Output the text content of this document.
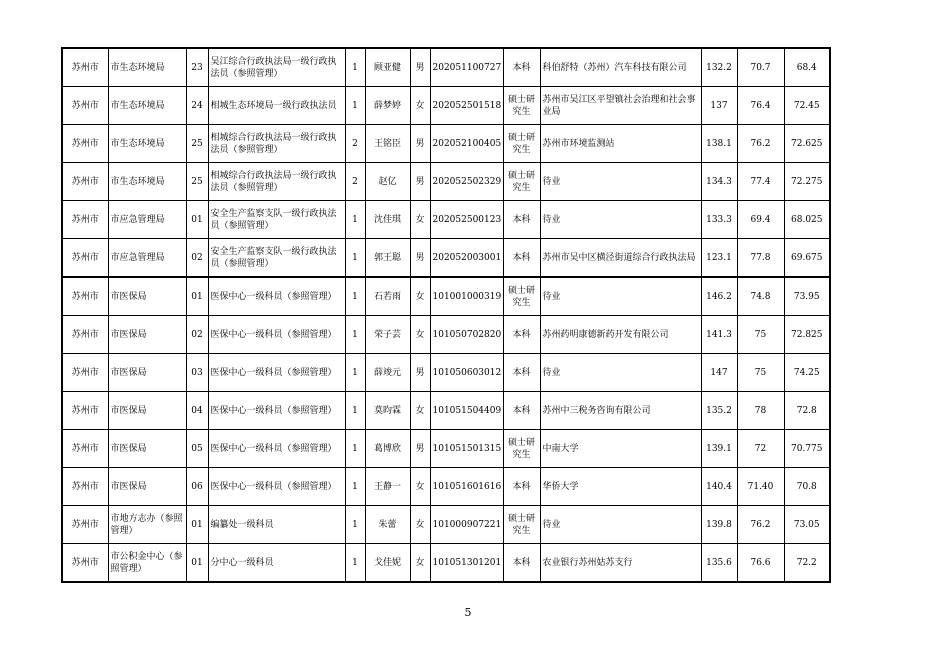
苏州市	市生态环境局	23	吴江综合行政执法局一级行政执法员（参照管理）	1	顾亚健	男	202051100727	本科	科伯舒特（苏州）汽车科技有限公司	132.2	70.7	68.4
苏州市	市生态环境局	24	相城生态环境局一级行政执法员	1	薛梦婷	女	202052501518	硕士研究生	苏州市吴江区平望镇社会治理和社会事业局	137	76.4	72.45
苏州市	市生态环境局	25	相城综合行政执法局一级行政执法员（参照管理）	2	王铭臣	男	202052100405	硕士研究生	苏州市环境监测站	138.1	76.2	72.625
苏州市	市生态环境局	25	相城综合行政执法局一级行政执法员（参照管理）	2	赵亿	男	202052502329	硕士研究生	待业	134.3	77.4	72.275
苏州市	市应急管理局	01	安全生产监察支队一级行政执法员（参照管理）	1	沈佳琪	女	202052500123	本科	待业	133.3	69.4	68.025
苏州市	市应急管理局	02	安全生产监察支队一级行政执法员（参照管理）	1	郭王聪	男	202052003001	本科	苏州市吴中区横泾街道综合行政执法局	123.1	77.8	69.675
苏州市	市医保局	01	医保中心一级科员（参照管理）	1	石若雨	女	101001000319	硕士研究生	待业	146.2	74.8	73.95
苏州市	市医保局	02	医保中心一级科员（参照管理）	1	荣子芸	女	101050702820	本科	苏州药明康德新药开发有限公司	141.3	75	72.825
苏州市	市医保局	03	医保中心一级科员（参照管理）	1	薛竣元	男	101050603012	本科	待业	147	75	74.25
苏州市	市医保局	04	医保中心一级科员（参照管理）	1	莫昀霖	女	101051504409	本科	苏州中三税务咨询有限公司	135.2	78	72.8
苏州市	市医保局	05	医保中心一级科员（参照管理）	1	葛博欣	男	101051501315	硕士研究生	中南大学	139.1	72	70.775
苏州市	市医保局	06	医保中心一级科员（参照管理）	1	王静一	女	101051601616	本科	华侨大学	140.4	71.40	70.8
苏州市	市地方志办（参照管理）	01	编纂处一级科员	1	朱蕾	女	101000907221	硕士研究生	待业	139.8	76.2	73.05
苏州市	市公积金中心（参照管理）	01	分中心一级科员	1	戈佳妮	女	101051301201	本科	农业银行苏州姑苏支行	135.6	76.6	72.2
5
